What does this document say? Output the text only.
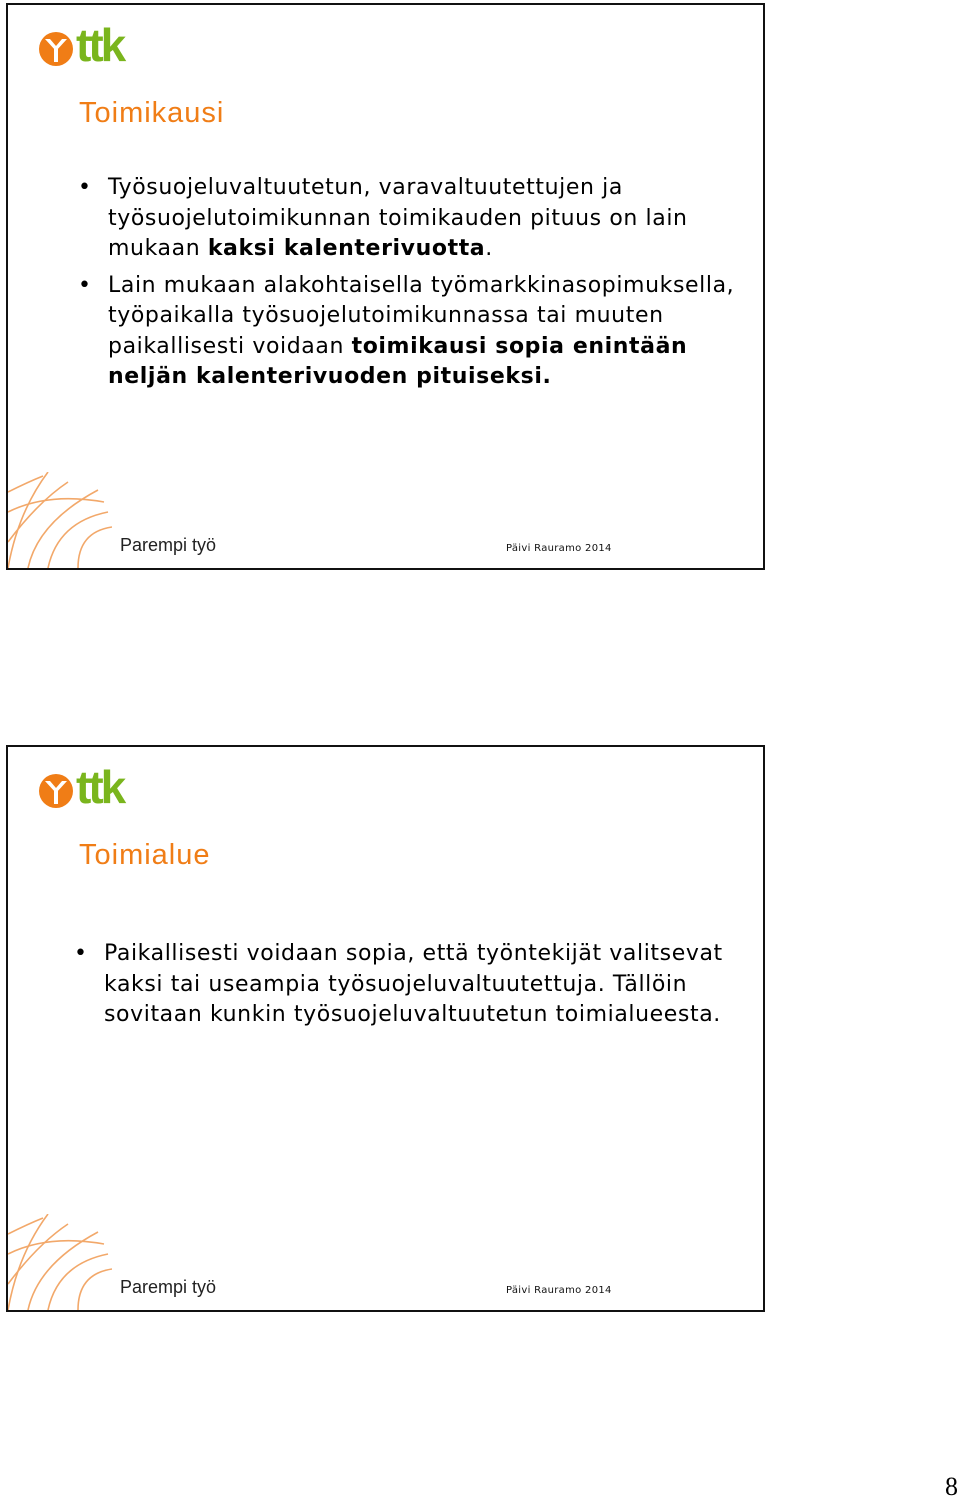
ttk
Toimikausi
• Työsuojeluvaltuutetun, varavaltuutettujen ja työsuojelutoimikunnan toimikauden pituus on lain mukaan kaksi kalenterivuotta.
• Lain mukaan alakohtaisella työmarkkinasopimuksella, työpaikalla työsuojelutoimikunnassa tai muuten paikallisesti voidaan toimikausi sopia enintään neljän kalenterivuoden pituiseksi.
Parempi työ	Päivi Rauramo 2014
ttk
Toimialue
• Paikallisesti voidaan sopia, että työntekijät valitsevat kaksi tai useampia työsuojeluvaltuutettuja. Tällöin sovitaan kunkin työsuojeluvaltuutetun toimialueesta.
Parempi työ	Päivi Rauramo 2014
8
